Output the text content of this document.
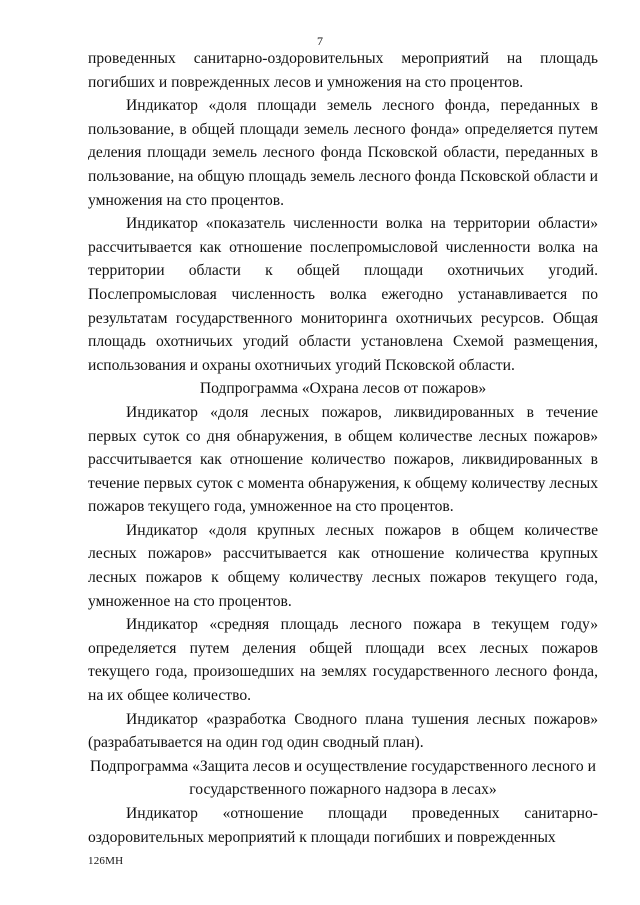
7

проведенных санитарно-оздоровительных мероприятий на площадь погибших и поврежденных лесов и умножения на сто процентов.

Индикатор «доля площади земель лесного фонда, переданных в пользование, в общей площади земель лесного фонда» определяется путем деления площади земель лесного фонда Псковской области, переданных в пользование, на общую площадь земель лесного фонда Псковской области и умножения на сто процентов.

Индикатор «показатель численности волка на территории области» рассчитывается как отношение послепромысловой численности волка на территории области к общей площади охотничьих угодий. Послепромысловая численность волка ежегодно устанавливается по результатам государственного мониторинга охотничьих ресурсов. Общая площадь охотничьих угодий области установлена Схемой размещения, использования и охраны охотничьих угодий Псковской области.

Подпрограмма «Охрана лесов от пожаров»

Индикатор «доля лесных пожаров, ликвидированных в течение первых суток со дня обнаружения, в общем количестве лесных пожаров» рассчитывается как отношение количество пожаров, ликвидированных в течение первых суток с момента обнаружения, к общему количеству лесных пожаров текущего года, умноженное на сто процентов.

Индикатор «доля крупных лесных пожаров в общем количестве лесных пожаров» рассчитывается как отношение количества крупных лесных пожаров к общему количеству лесных пожаров текущего года, умноженное на сто процентов.

Индикатор «средняя площадь лесного пожара в текущем году» определяется путем деления общей площади всех лесных пожаров текущего года, произошедших на землях государственного лесного фонда, на их общее количество.

Индикатор «разработка Сводного плана тушения лесных пожаров» (разрабатывается на один год один сводный план).

Подпрограмма «Защита лесов и осуществление государственного лесного и государственного пожарного надзора в лесах»

Индикатор «отношение площади проведенных санитарно-оздоровительных мероприятий к площади погибших и поврежденных

126МН
